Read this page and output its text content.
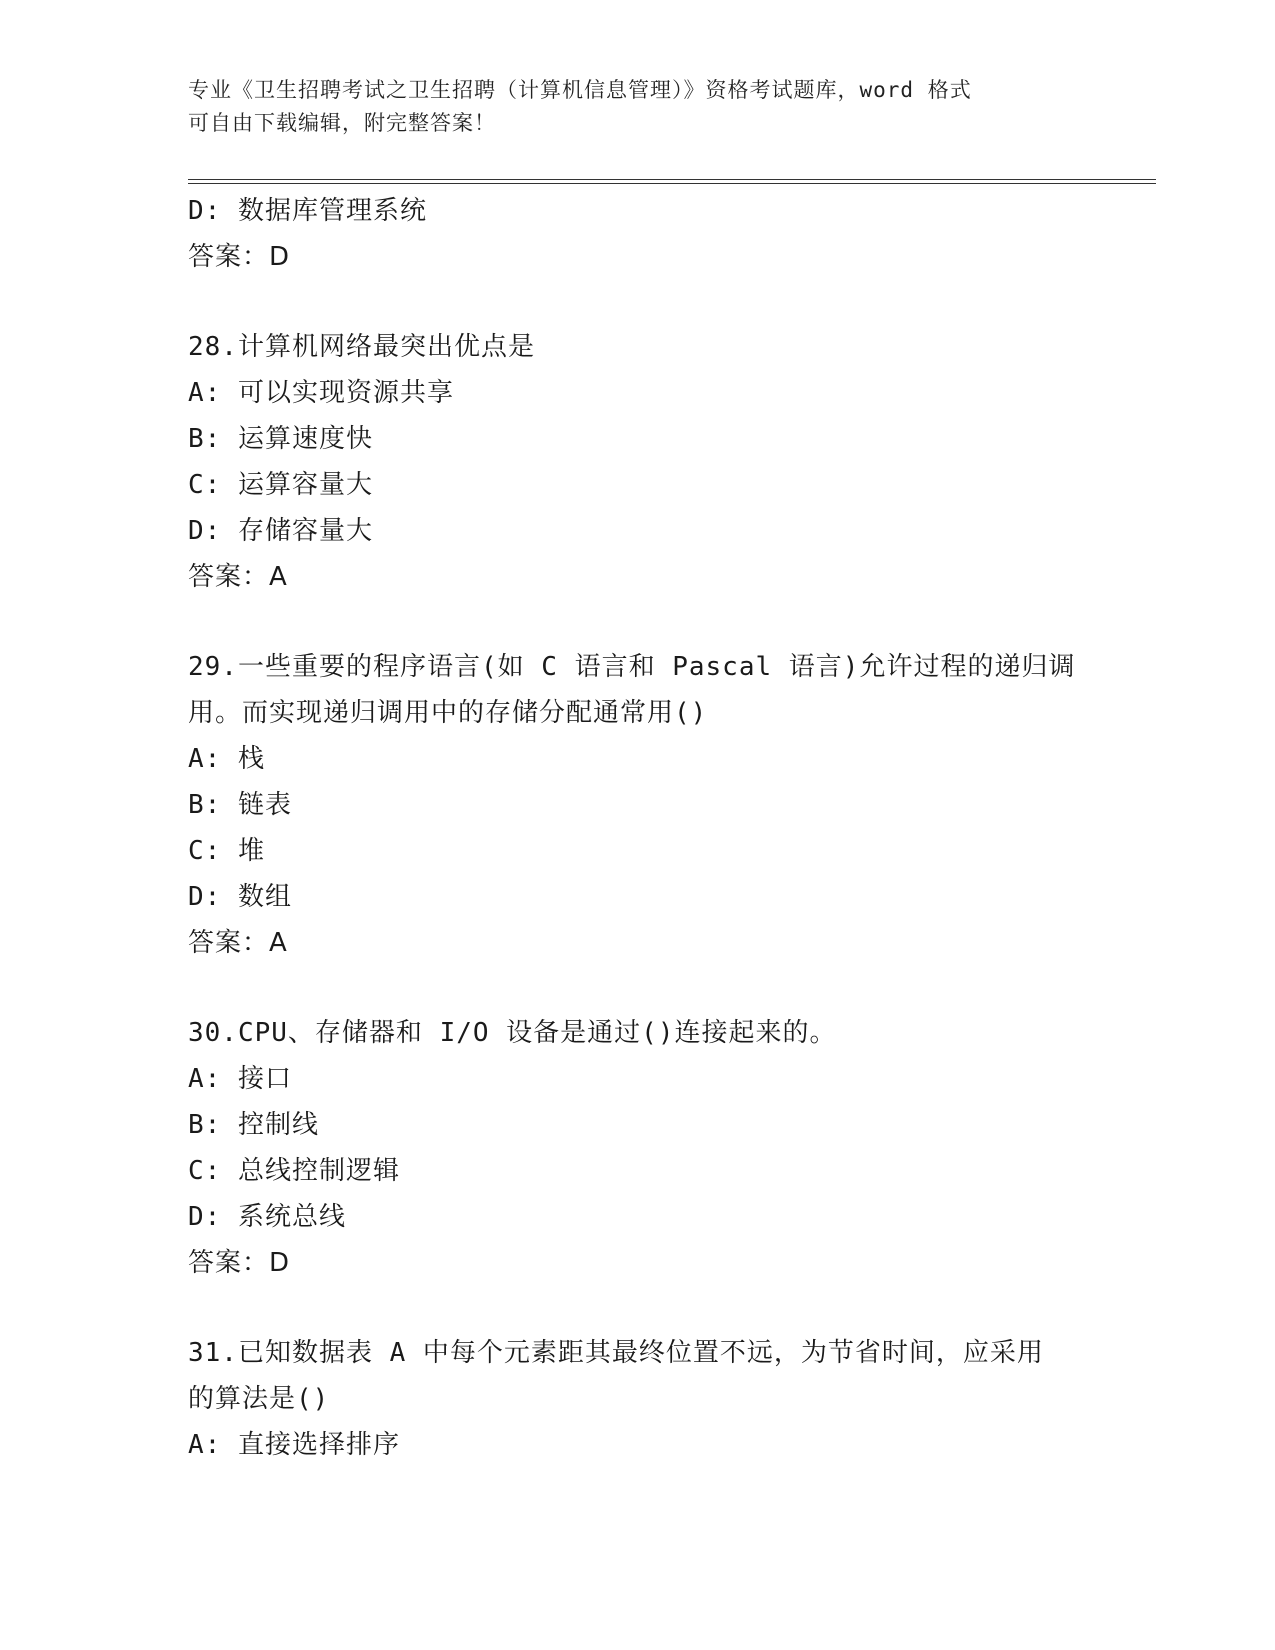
专业《卫生招聘考试之卫生招聘（计算机信息管理）》资格考试题库，word 格式
可自由下载编辑，附完整答案！
D: 数据库管理系统
答案：D
28.计算机网络最突出优点是
A: 可以实现资源共享
B: 运算速度快
C: 运算容量大
D: 存储容量大
答案：A
29.一些重要的程序语言(如 C 语言和 Pascal 语言)允许过程的递归调
用。而实现递归调用中的存储分配通常用()
A: 栈
B: 链表
C: 堆
D: 数组
答案：A
30.CPU、存储器和 I/O 设备是通过()连接起来的。
A: 接口
B: 控制线
C: 总线控制逻辑
D: 系统总线
答案：D
31.已知数据表 A 中每个元素距其最终位置不远，为节省时间，应采用
的算法是()
A: 直接选择排序
